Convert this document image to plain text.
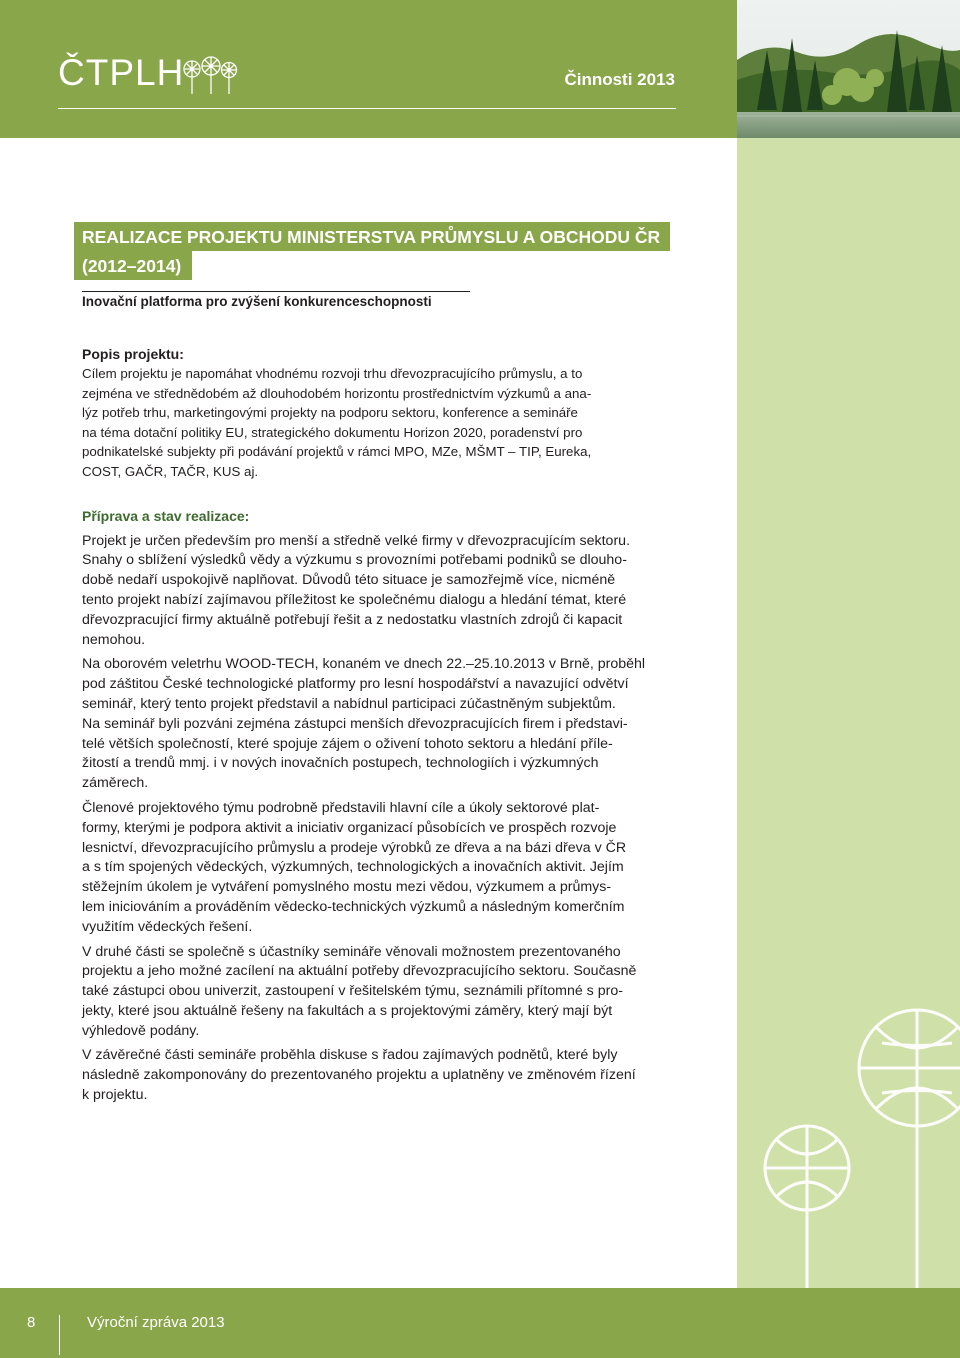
ČTPLH	Činnosti 2013
REALIZACE PROJEKTU MINISTERSTVA PRŮMYSLU A OBCHODU ČR
(2012–2014)
Inovační platforma pro zvýšení konkurenceschopnosti

Popis projektu:

Cílem projektu je napomáhat vhodnému rozvoji trhu dřevozpracujícího průmyslu, a to
zejména ve střednědobém až dlouhodobém horizontu prostřednictvím výzkumů a ana-
lýz potřeb trhu, marketingovými projekty na podporu sektoru, konference a semináře
na téma dotační politiky EU, strategického dokumentu Horizon 2020, poradenství pro
podnikatelské subjekty při podávání projektů v rámci MPO, MZe, MŠMT – TIP, Eureka,
COST, GAČR, TAČR, KUS aj.

Příprava a stav realizace:

Projekt je určen především pro menší a středně velké firmy v dřevozpracujícím sektoru.
Snahy o sblížení výsledků vědy a výzkumu s provozními potřebami podniků se dlouho-
době nedaří uspokojivě naplňovat. Důvodů této situace je samozřejmě více, nicméně
tento projekt nabízí zajímavou příležitost ke společnému dialogu a hledání témat, které
dřevozpracující firmy aktuálně potřebují řešit a z nedostatku vlastních zdrojů či kapacit
nemohou.

Na oborovém veletrhu WOOD-TECH, konaném ve dnech 22.–25.10.2013 v Brně, proběhl
pod záštitou České technologické platformy pro lesní hospodářství a navazující odvětví
seminář, který tento projekt představil a nabídnul participaci zúčastněným subjektům.
Na seminář byli pozváni zejména zástupci menších dřevozpracujících firem i představi-
telé větších společností, které spojuje zájem o oživení tohoto sektoru a hledání příle-
žitostí a trendů mmj. i v nových inovačních postupech, technologiích i výzkumných
záměrech.

Členové projektového týmu podrobně představili hlavní cíle a úkoly sektorové plat-
formy, kterými je podpora aktivit a iniciativ organizací působících ve prospěch rozvoje
lesnictví, dřevozpracujícího průmyslu a prodeje výrobků ze dřeva a na bázi dřeva v ČR
a s tím spojených vědeckých, výzkumných, technologických a inovačních aktivit. Jejím
stěžejním úkolem je vytváření pomyslného mostu mezi vědou, výzkumem a průmys-
lem iniciováním a prováděním vědecko-technických výzkumů a následným komerčním
využitím vědeckých řešení.

V druhé části se společně s účastníky semináře věnovali možnostem prezentovaného
projektu a jeho možné zacílení na aktuální potřeby dřevozpracujícího sektoru. Současně
také zástupci obou univerzit, zastoupení v řešitelském týmu, seznámili přítomné s pro-
jekty, které jsou aktuálně řešeny na fakultách a s projektovými záměry, který mají být
výhledově podány.

V závěrečné části semináře proběhla diskuse s řadou zajímavých podnětů, které byly
následně zakomponovány do prezentovaného projektu a uplatněny ve změnovém řízení
k projektu.

8	Výroční zpráva 2013
